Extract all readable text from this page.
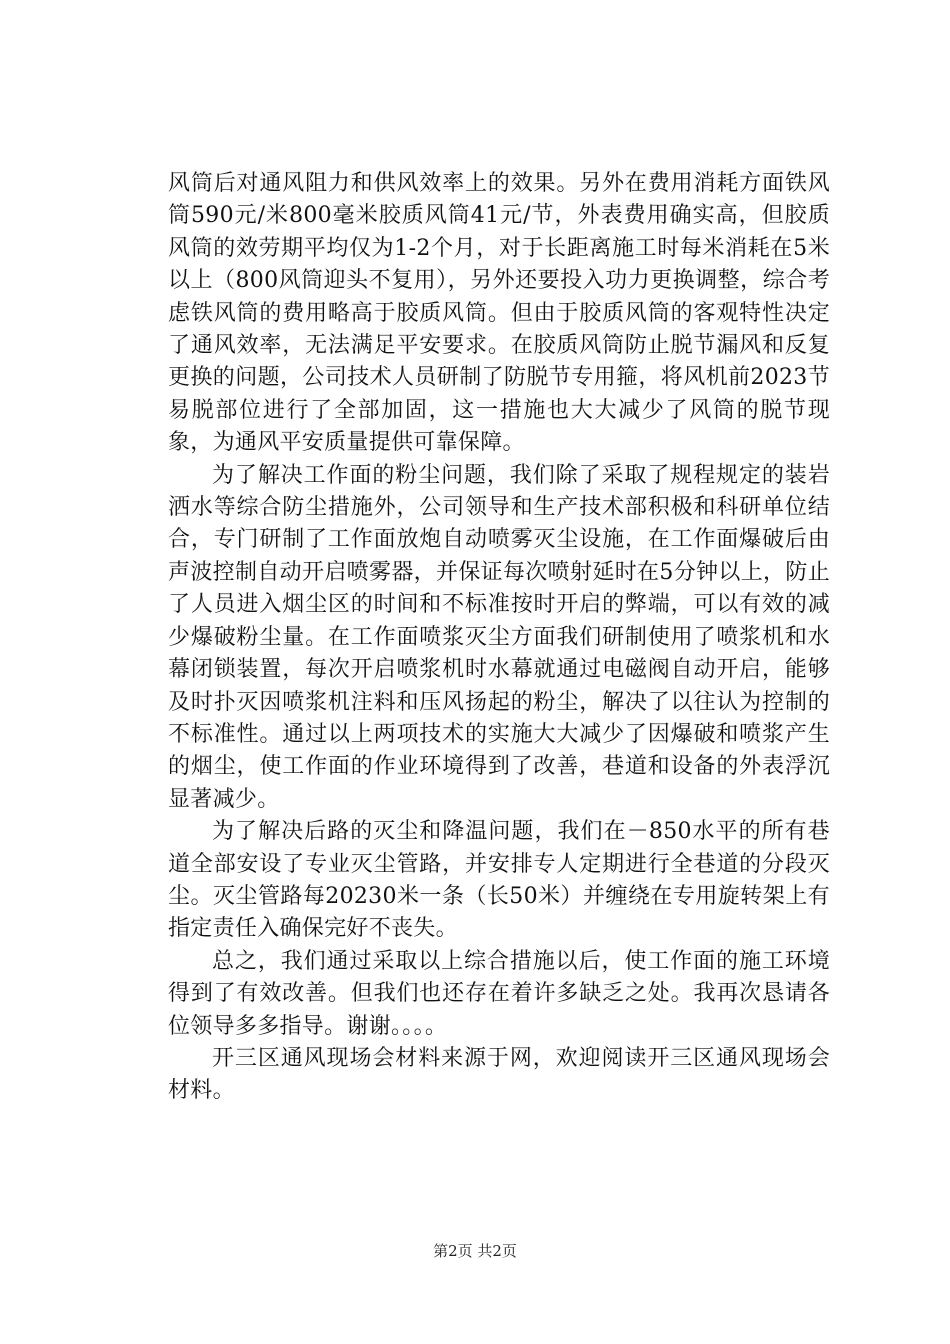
风筒后对通风阻力和供风效率上的效果。另外在费用消耗方面铁风筒590元/米800毫米胶质风筒41元/节，外表费用确实高，但胶质风筒的效劳期平均仅为1-2个月，对于长距离施工时每米消耗在5米以上（800风筒迎头不复用），另外还要投入功力更换调整，综合考虑铁风筒的费用略高于胶质风筒。但由于胶质风筒的客观特性决定了通风效率，无法满足平安要求。在胶质风筒防止脱节漏风和反复更换的问题，公司技术人员研制了防脱节专用箍，将风机前2023节易脱部位进行了全部加固，这一措施也大大减少了风筒的脱节现象，为通风平安质量提供可靠保障。

为了解决工作面的粉尘问题，我们除了采取了规程规定的装岩洒水等综合防尘措施外，公司领导和生产技术部积极和科研单位结合，专门研制了工作面放炮自动喷雾灭尘设施，在工作面爆破后由声波控制自动开启喷雾器，并保证每次喷射延时在5分钟以上，防止了人员进入烟尘区的时间和不标准按时开启的弊端，可以有效的减少爆破粉尘量。在工作面喷浆灭尘方面我们研制使用了喷浆机和水幕闭锁装置，每次开启喷浆机时水幕就通过电磁阀自动开启，能够及时扑灭因喷浆机注料和压风扬起的粉尘，解决了以往认为控制的不标准性。通过以上两项技术的实施大大减少了因爆破和喷浆产生的烟尘，使工作面的作业环境得到了改善，巷道和设备的外表浮沉显著减少。

为了解决后路的灭尘和降温问题，我们在－850水平的所有巷道全部安设了专业灭尘管路，并安排专人定期进行全巷道的分段灭尘。灭尘管路每20230米一条（长50米）并缠绕在专用旋转架上有指定责任入确保完好不丧失。

总之，我们通过采取以上综合措施以后，使工作面的施工环境得到了有效改善。但我们也还存在着许多缺乏之处。我再次恳请各位领导多多指导。谢谢。。。。

开三区通风现场会材料来源于网，欢迎阅读开三区通风现场会材料。

第2页 共2页
